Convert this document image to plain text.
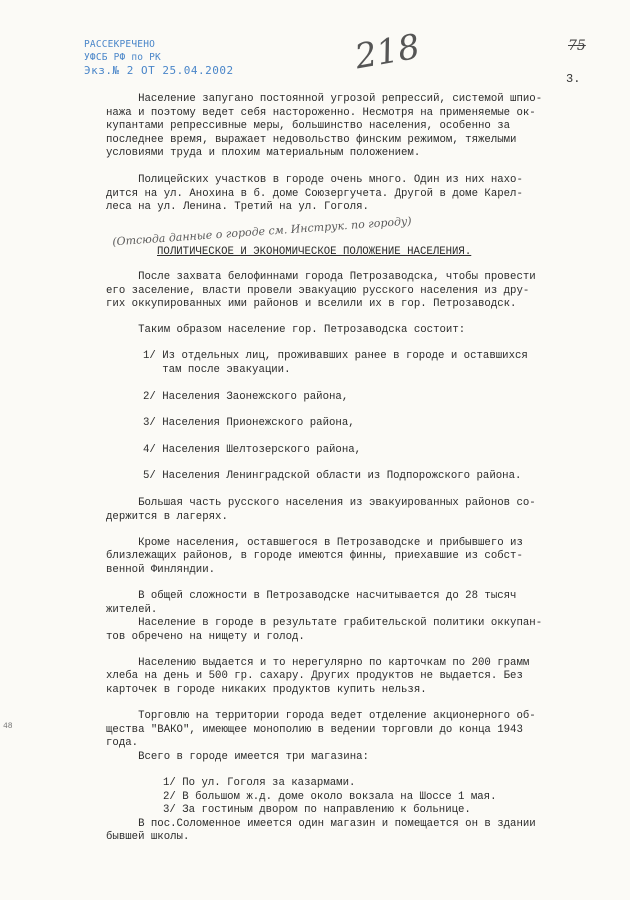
РАССЕКРЕЧЕНО
УФСБ РФ по РК
Экз.№ 2 ОТ 25.04.2002	218	75
3.
48

Население запугано постоянной угрозой репрессий, системой шпио-
нажа и поэтому ведет себя настороженно. Несмотря на применяемые ок-
купантами репрессивные меры, большинство населения, особенно за
последнее время, выражает недовольство финским режимом, тяжелыми
условиями труда и плохим материальным положением.

Полицейских участков в городе очень много. Один из них нахо-
дится на ул. Анохина в б. доме Союзергучета. Другой в доме Карел-
леса на ул. Ленина. Третий на ул. Гоголя.

(Отсюда данные о городе см. Инструк. по городу)
ПОЛИТИЧЕСКОЕ И ЭКОНОМИЧЕСКОЕ ПОЛОЖЕНИЕ НАСЕЛЕНИЯ.

После захвата белофиннами города Петрозаводска, чтобы провести
его заселение, власти провели эвакуацию русского населения из дру-
гих оккупированных ими районов и вселили их в гор. Петрозаводск.

Таким образом население гор. Петрозаводска состоит:

1/ Из отдельных лиц, проживавших ранее в городе и оставшихся
там после эвакуации.

2/ Населения Заонежского района,

3/ Населения Прионежского района,

4/ Населения Шелтозерского района,

5/ Населения Ленинградской области из Подпорожского района.

Большая часть русского населения из эвакуированных районов со-
держится в лагерях.

Кроме населения, оставшегося в Петрозаводске и прибывшего из
близлежащих районов, в городе имеются финны, приехавшие из собст-
венной Финляндии.

В общей сложности в Петрозаводске насчитывается до 28 тысяч
жителей.
Население в городе в результате грабительской политики оккупан-
тов обречено на нищету и голод.

Населению выдается и то нерегулярно по карточкам по 200 грамм
хлеба на день и 500 гр. сахару. Других продуктов не выдается. Без
карточек в городе никаких продуктов купить нельзя.

Торговлю на территории города ведет отделение акционерного об-
щества "ВАКО", имеющее монополию в ведении торговли до конца 1943
года.
Всего в городе имеется три магазина:

1/ По ул. Гоголя за казармами.

2/ В большом ж.д. доме около вокзала на Шоссе 1 мая.

3/ За гостиным двором по направлению к больнице.

В пос.Соломенное имеется один магазин и помещается он в здании
бывшей школы.
